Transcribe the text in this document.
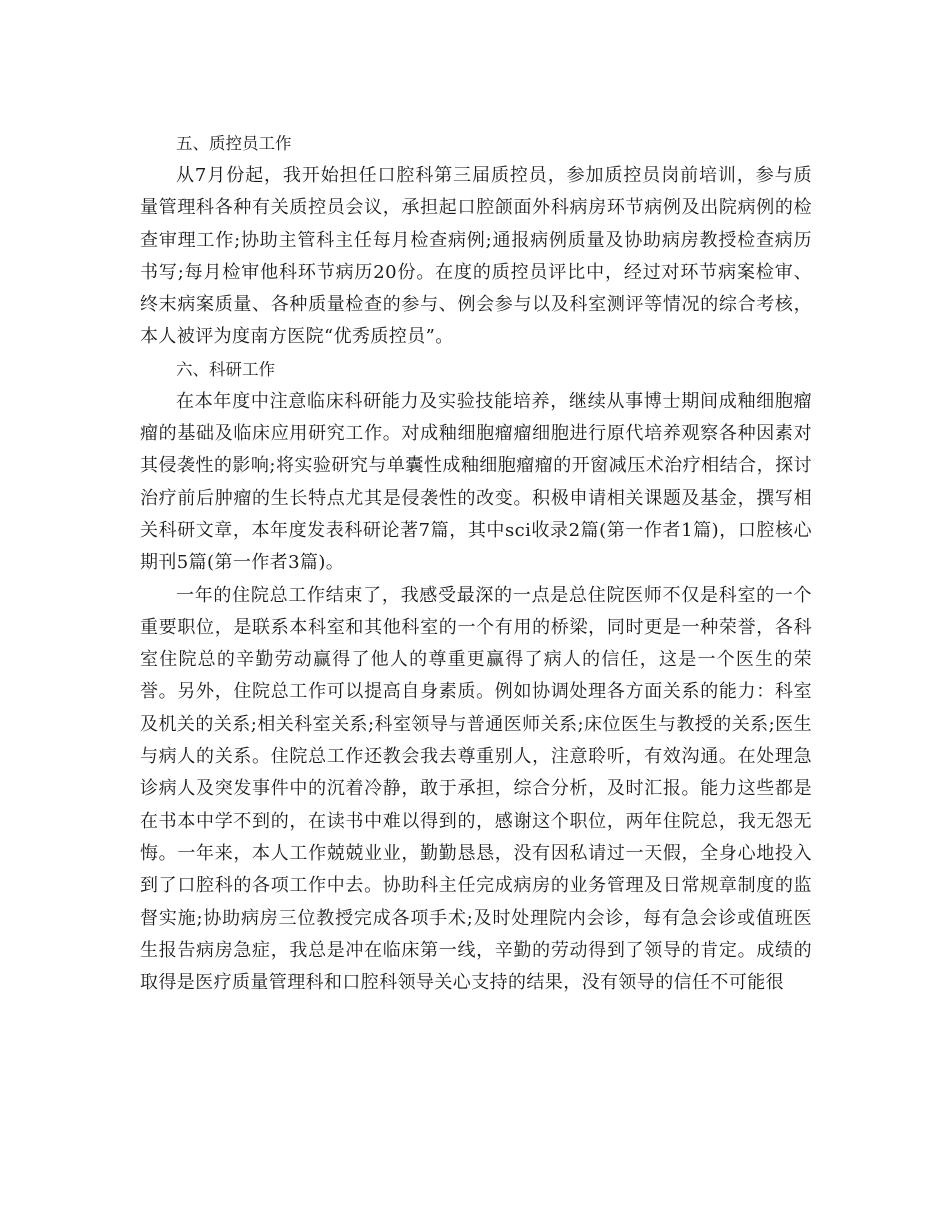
五、质控员工作

从7月份起，我开始担任口腔科第三届质控员，参加质控员岗前培训，参与质量管理科各种有关质控员会议，承担起口腔颌面外科病房环节病例及出院病例的检查审理工作;协助主管科主任每月检查病例;通报病例质量及协助病房教授检查病历书写;每月检审他科环节病历20份。在度的质控员评比中，经过对环节病案检审、终末病案质量、各种质量检查的参与、例会参与以及科室测评等情况的综合考核，本人被评为度南方医院“优秀质控员”。

六、科研工作

在本年度中注意临床科研能力及实验技能培养，继续从事博士期间成釉细胞瘤瘤的基础及临床应用研究工作。对成釉细胞瘤瘤细胞进行原代培养观察各种因素对其侵袭性的影响;将实验研究与单囊性成釉细胞瘤瘤的开窗减压术治疗相结合，探讨治疗前后肿瘤的生长特点尤其是侵袭性的改变。积极申请相关课题及基金，撰写相关科研文章，本年度发表科研论著7篇，其中sci收录2篇(第一作者1篇)，口腔核心期刊5篇(第一作者3篇)。

一年的住院总工作结束了，我感受最深的一点是总住院医师不仅是科室的一个重要职位，是联系本科室和其他科室的一个有用的桥梁，同时更是一种荣誉，各科室住院总的辛勤劳动赢得了他人的尊重更赢得了病人的信任，这是一个医生的荣誉。另外，住院总工作可以提高自身素质。例如协调处理各方面关系的能力：科室及机关的关系;相关科室关系;科室领导与普通医师关系;床位医生与教授的关系;医生与病人的关系。住院总工作还教会我去尊重别人，注意聆听，有效沟通。在处理急诊病人及突发事件中的沉着冷静，敢于承担，综合分析，及时汇报。能力这些都是在书本中学不到的，在读书中难以得到的，感谢这个职位，两年住院总，我无怨无悔。一年来，本人工作兢兢业业，勤勤恳恳，没有因私请过一天假，全身心地投入到了口腔科的各项工作中去。协助科主任完成病房的业务管理及日常规章制度的监督实施;协助病房三位教授完成各项手术;及时处理院内会诊，每有急会诊或值班医生报告病房急症，我总是冲在临床第一线，辛勤的劳动得到了领导的肯定。成绩的取得是医疗质量管理科和口腔科领导关心支持的结果，没有领导的信任不可能很
